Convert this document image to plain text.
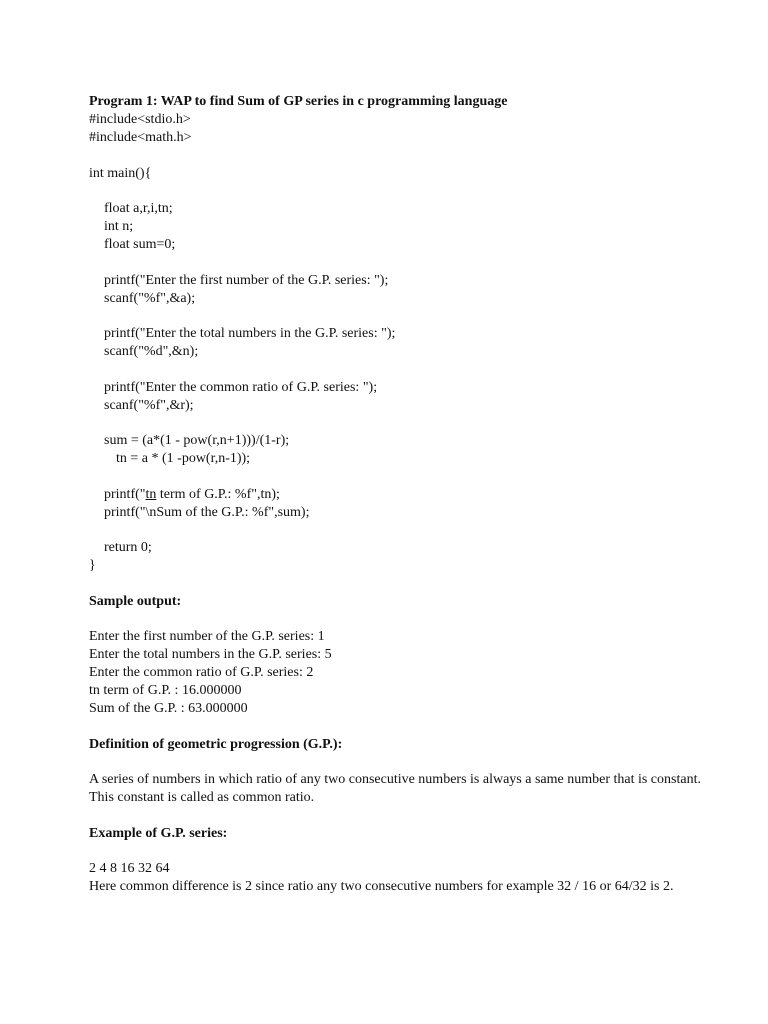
Program 1: WAP to find Sum of GP series in c programming language
#include<stdio.h>
#include<math.h>
int main(){
float a,r,i,tn;
int n;
float sum=0;
printf("Enter the first number of the G.P. series: ");
scanf("%f",&a);
printf("Enter the total numbers in the G.P. series: ");
scanf("%d",&n);
printf("Enter the common ratio of G.P. series: ");
scanf("%f",&r);
sum = (a*(1 - pow(r,n+1)))/(1-r);
tn = a * (1 -pow(r,n-1));
printf("tn term of G.P.: %f",tn);
printf("\nSum of the G.P.: %f",sum);
return 0;
}
Sample output:
Enter the first number of the G.P. series: 1
Enter the total numbers in the G.P. series: 5
Enter the common ratio of G.P. series: 2
tn term of G.P. : 16.000000
Sum of the G.P. : 63.000000
Definition of geometric progression (G.P.):
A series of numbers in which ratio of any two consecutive numbers is always a same number that is constant. This constant is called as common ratio.
Example of G.P. series:
2 4 8 16 32 64
Here common difference is 2 since ratio any two consecutive numbers for example 32 / 16 or 64/32 is 2.
